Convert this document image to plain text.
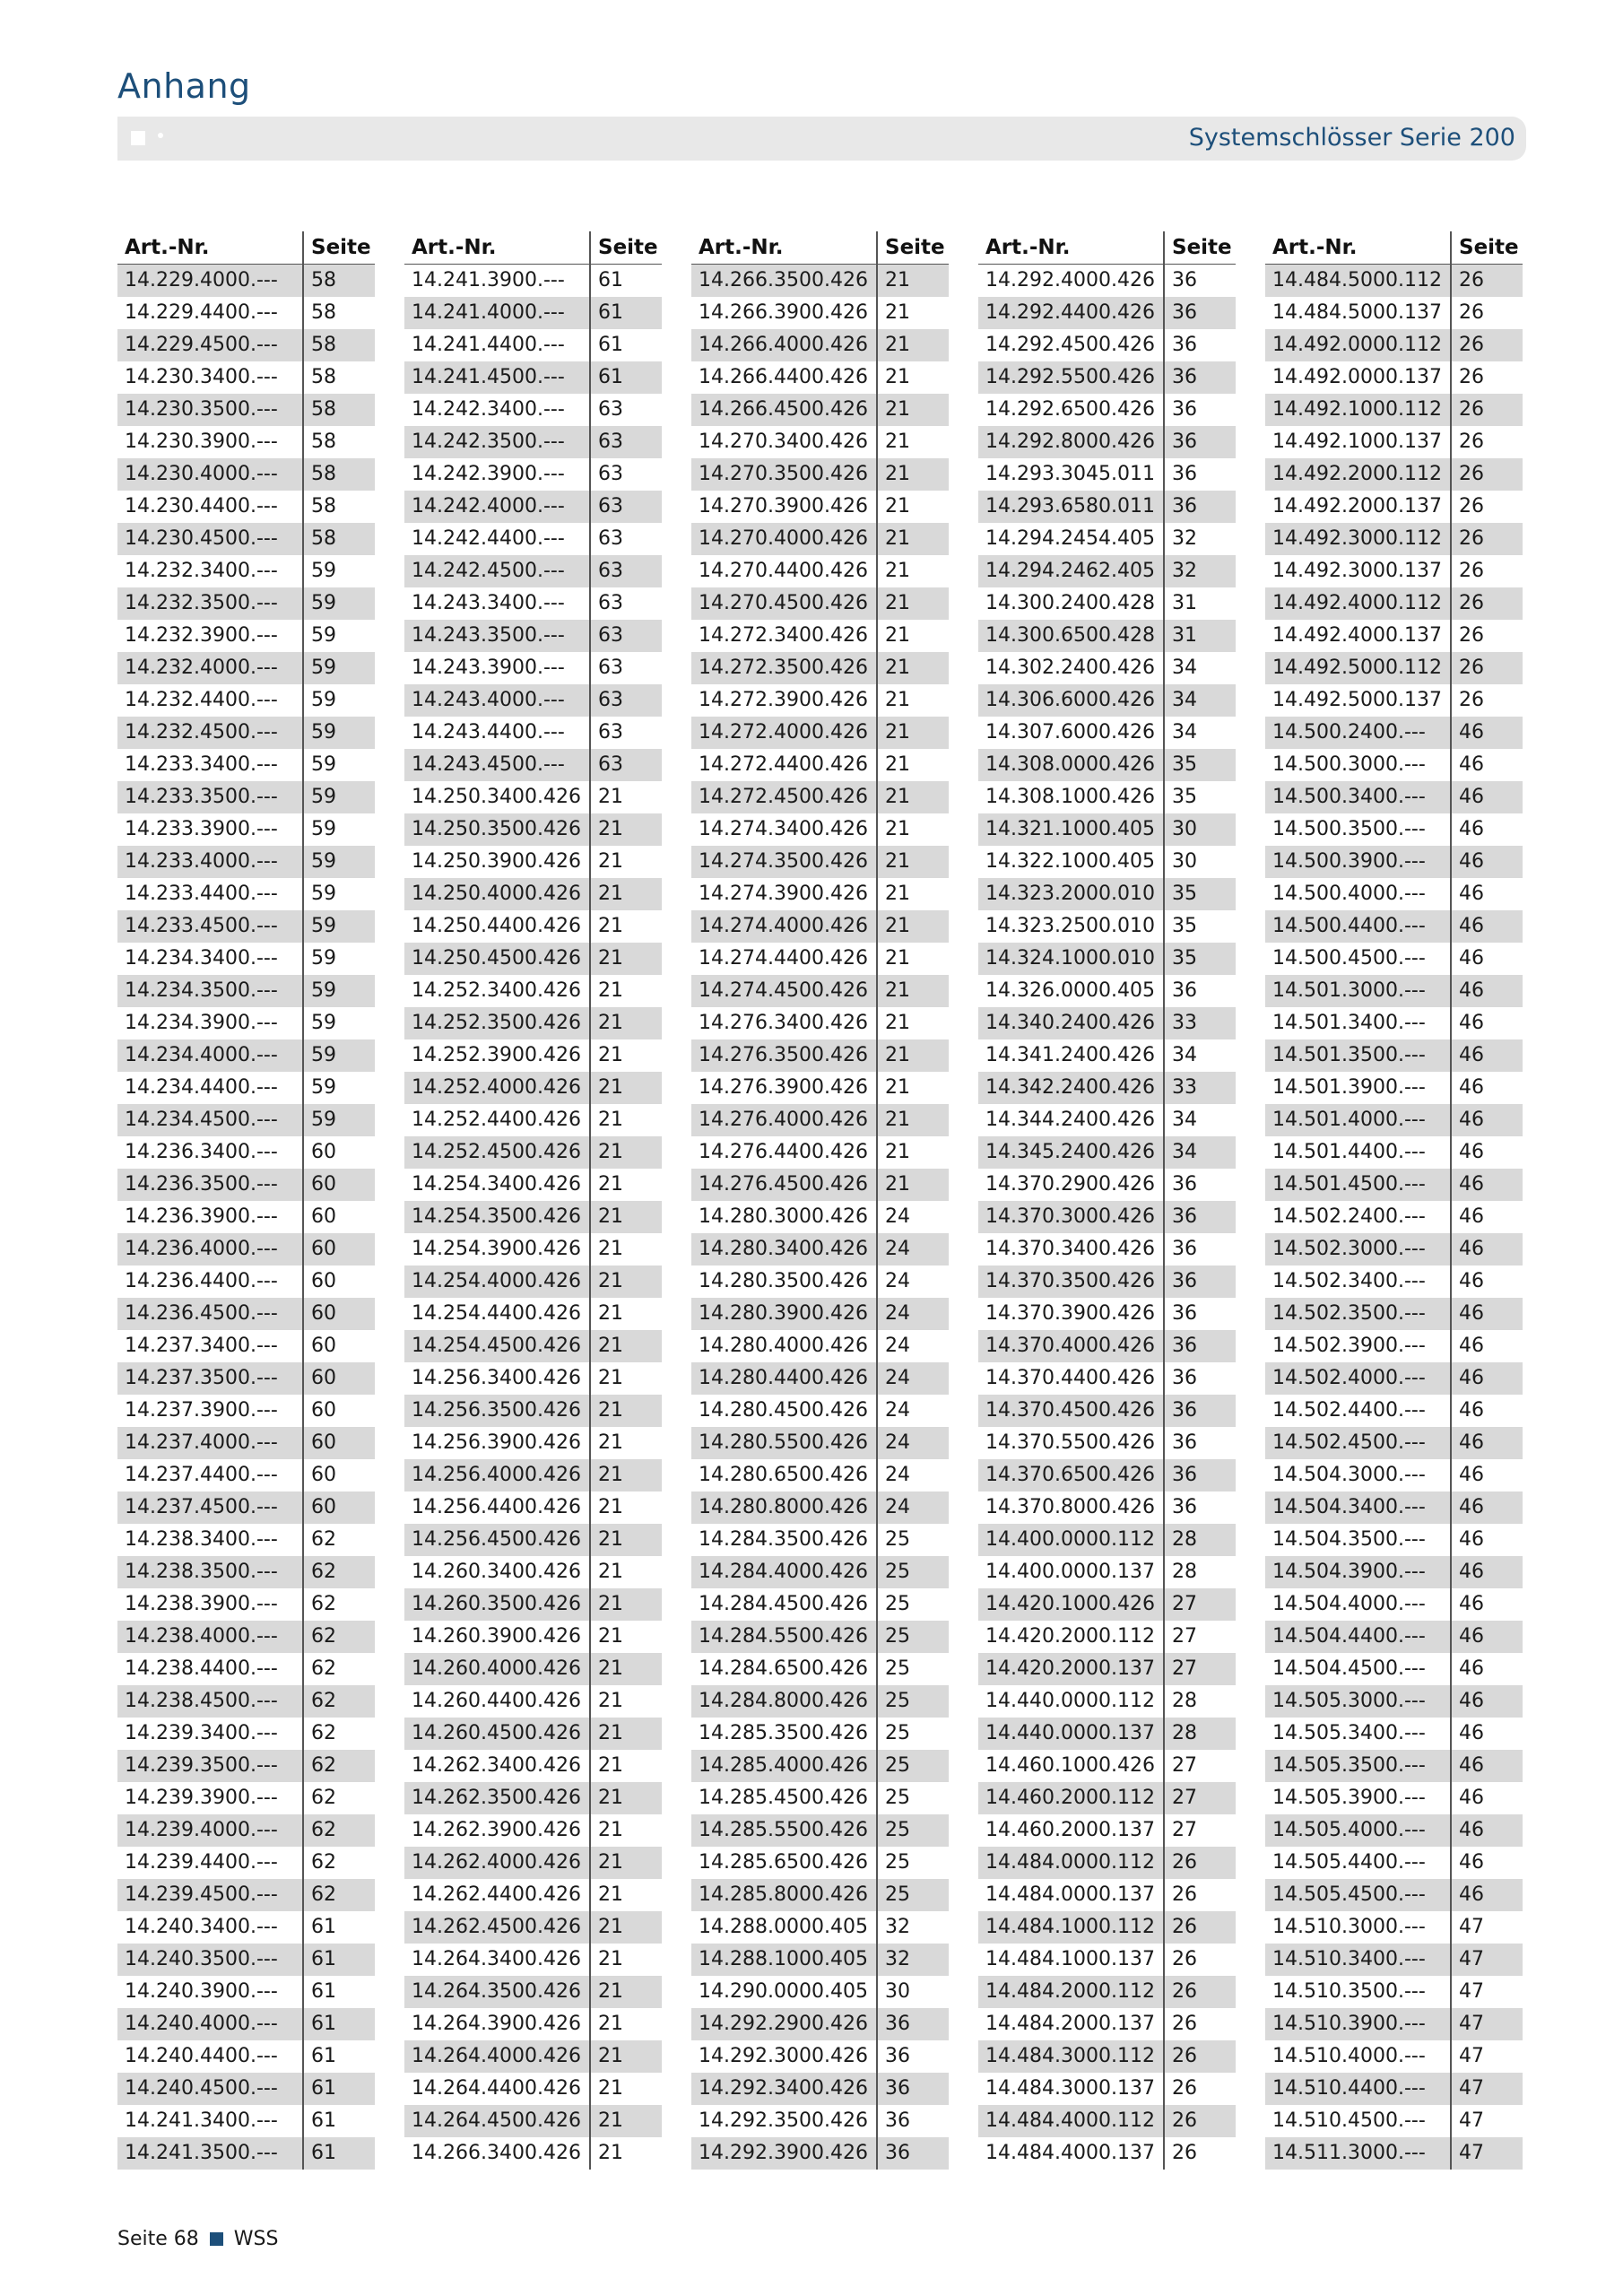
Anhang
Systemschlösser Serie 200
Art.-Nr.	Seite
14.229.4000.---	58
14.229.4400.---	58
14.229.4500.---	58
14.230.3400.---	58
14.230.3500.---	58
14.230.3900.---	58
14.230.4000.---	58
14.230.4400.---	58
14.230.4500.---	58
14.232.3400.---	59
14.232.3500.---	59
14.232.3900.---	59
14.232.4000.---	59
14.232.4400.---	59
14.232.4500.---	59
14.233.3400.---	59
14.233.3500.---	59
14.233.3900.---	59
14.233.4000.---	59
14.233.4400.---	59
14.233.4500.---	59
14.234.3400.---	59
14.234.3500.---	59
14.234.3900.---	59
14.234.4000.---	59
14.234.4400.---	59
14.234.4500.---	59
14.236.3400.---	60
14.236.3500.---	60
14.236.3900.---	60
14.236.4000.---	60
14.236.4400.---	60
14.236.4500.---	60
14.237.3400.---	60
14.237.3500.---	60
14.237.3900.---	60
14.237.4000.---	60
14.237.4400.---	60
14.237.4500.---	60
14.238.3400.---	62
14.238.3500.---	62
14.238.3900.---	62
14.238.4000.---	62
14.238.4400.---	62
14.238.4500.---	62
14.239.3400.---	62
14.239.3500.---	62
14.239.3900.---	62
14.239.4000.---	62
14.239.4400.---	62
14.239.4500.---	62
14.240.3400.---	61
14.240.3500.---	61
14.240.3900.---	61
14.240.4000.---	61
14.240.4400.---	61
14.240.4500.---	61
14.241.3400.---	61
14.241.3500.---	61
Art.-Nr.	Seite
14.241.3900.---	61
14.241.4000.---	61
14.241.4400.---	61
14.241.4500.---	61
14.242.3400.---	63
14.242.3500.---	63
14.242.3900.---	63
14.242.4000.---	63
14.242.4400.---	63
14.242.4500.---	63
14.243.3400.---	63
14.243.3500.---	63
14.243.3900.---	63
14.243.4000.---	63
14.243.4400.---	63
14.243.4500.---	63
14.250.3400.426 21
14.250.3500.426 21
14.250.3900.426 21
14.250.4000.426 21
14.250.4400.426 21
14.250.4500.426 21
14.252.3400.426 21
14.252.3500.426 21
14.252.3900.426 21
14.252.4000.426 21
14.252.4400.426 21
14.252.4500.426 21
14.254.3400.426 21
14.254.3500.426 21
14.254.3900.426 21
14.254.4000.426 21
14.254.4400.426 21
14.254.4500.426 21
14.256.3400.426 21
14.256.3500.426 21
14.256.3900.426 21
14.256.4000.426 21
14.256.4400.426 21
14.256.4500.426 21
14.260.3400.426 21
14.260.3500.426 21
14.260.3900.426 21
14.260.4000.426 21
14.260.4400.426 21
14.260.4500.426 21
14.262.3400.426 21
14.262.3500.426 21
14.262.3900.426 21
14.262.4000.426 21
14.262.4400.426 21
14.262.4500.426 21
14.264.3400.426 21
14.264.3500.426 21
14.264.3900.426 21
14.264.4000.426 21
14.264.4400.426 21
14.264.4500.426 21
14.266.3400.426 21
Art.-Nr.	Seite
14.266.3500.426 21
14.266.3900.426 21
14.266.4000.426 21
14.266.4400.426 21
14.266.4500.426 21
14.270.3400.426 21
14.270.3500.426 21
14.270.3900.426 21
14.270.4000.426 21
14.270.4400.426 21
14.270.4500.426 21
14.272.3400.426 21
14.272.3500.426 21
14.272.3900.426 21
14.272.4000.426 21
14.272.4400.426 21
14.272.4500.426 21
14.274.3400.426 21
14.274.3500.426 21
14.274.3900.426 21
14.274.4000.426 21
14.274.4400.426 21
14.274.4500.426 21
14.276.3400.426 21
14.276.3500.426 21
14.276.3900.426 21
14.276.4000.426 21
14.276.4400.426 21
14.276.4500.426 21
14.280.3000.426 24
14.280.3400.426 24
14.280.3500.426 24
14.280.3900.426 24
14.280.4000.426 24
14.280.4400.426 24
14.280.4500.426 24
14.280.5500.426 24
14.280.6500.426 24
14.280.8000.426 24
14.284.3500.426 25
14.284.4000.426 25
14.284.4500.426 25
14.284.5500.426 25
14.284.6500.426 25
14.284.8000.426 25
14.285.3500.426 25
14.285.4000.426 25
14.285.4500.426 25
14.285.5500.426 25
14.285.6500.426 25
14.285.8000.426 25
14.288.0000.405 32
14.288.1000.405 32
14.290.0000.405 30
14.292.2900.426 36
14.292.3000.426 36
14.292.3400.426 36
14.292.3500.426 36
14.292.3900.426 36
Art.-Nr.	Seite
14.292.4000.426 36
14.292.4400.426 36
14.292.4500.426 36
14.292.5500.426 36
14.292.6500.426 36
14.292.8000.426 36
14.293.3045.011 36
14.293.6580.011 36
14.294.2454.405 32
14.294.2462.405 32
14.300.2400.428 31
14.300.6500.428 31
14.302.2400.426 34
14.306.6000.426 34
14.307.6000.426 34
14.308.0000.426 35
14.308.1000.426 35
14.321.1000.405 30
14.322.1000.405 30
14.323.2000.010 35
14.323.2500.010 35
14.324.1000.010 35
14.326.0000.405 36
14.340.2400.426 33
14.341.2400.426 34
14.342.2400.426 33
14.344.2400.426 34
14.345.2400.426 34
14.370.2900.426 36
14.370.3000.426 36
14.370.3400.426 36
14.370.3500.426 36
14.370.3900.426 36
14.370.4000.426 36
14.370.4400.426 36
14.370.4500.426 36
14.370.5500.426 36
14.370.6500.426 36
14.370.8000.426 36
14.400.0000.112 28
14.400.0000.137 28
14.420.1000.426 27
14.420.2000.112 27
14.420.2000.137 27
14.440.0000.112 28
14.440.0000.137 28
14.460.1000.426 27
14.460.2000.112 27
14.460.2000.137 27
14.484.0000.112 26
14.484.0000.137 26
14.484.1000.112 26
14.484.1000.137 26
14.484.2000.112 26
14.484.2000.137 26
14.484.3000.112 26
14.484.3000.137 26
14.484.4000.112 26
14.484.4000.137 26
Art.-Nr.	Seite
14.484.5000.112 26
14.484.5000.137 26
14.492.0000.112 26
14.492.0000.137 26
14.492.1000.112 26
14.492.1000.137 26
14.492.2000.112 26
14.492.2000.137 26
14.492.3000.112 26
14.492.3000.137 26
14.492.4000.112 26
14.492.4000.137 26
14.492.5000.112 26
14.492.5000.137 26
14.500.2400.---	46
14.500.3000.---	46
14.500.3400.---	46
14.500.3500.---	46
14.500.3900.---	46
14.500.4000.---	46
14.500.4400.---	46
14.500.4500.---	46
14.501.3000.---	46
14.501.3400.---	46
14.501.3500.---	46
14.501.3900.---	46
14.501.4000.---	46
14.501.4400.---	46
14.501.4500.---	46
14.502.2400.---	46
14.502.3000.---	46
14.502.3400.---	46
14.502.3500.---	46
14.502.3900.---	46
14.502.4000.---	46
14.502.4400.---	46
14.502.4500.---	46
14.504.3000.---	46
14.504.3400.---	46
14.504.3500.---	46
14.504.3900.---	46
14.504.4000.---	46
14.504.4400.---	46
14.504.4500.---	46
14.505.3000.---	46
14.505.3400.---	46
14.505.3500.---	46
14.505.3900.---	46
14.505.4000.---	46
14.505.4400.---	46
14.505.4500.---	46
14.510.3000.---	47
14.510.3400.---	47
14.510.3500.---	47
14.510.3900.---	47
14.510.4000.---	47
14.510.4400.---	47
14.510.4500.---	47
14.511.3000.---	47
Seite 68 WSS
